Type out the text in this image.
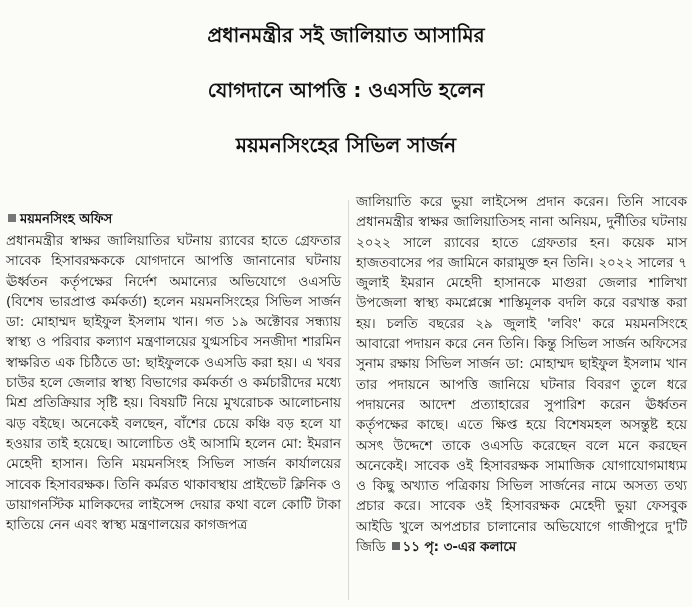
প্রধানমন্ত্রীর সই জালিয়াত আসামির
যোগদানে আপত্তি : ওএসডি হলেন
ময়মনসিংহের সিভিল সার্জন
ময়মনসিংহ অফিস

প্রধানমন্ত্রীর স্বাক্ষর জালিয়াতির ঘটনায় র‌্যাবের হাতে গ্রেফতার সাবেক হিসাবরক্ষককে যোগদানে আপত্তি জানানোর ঘটনায় ঊর্ধ্বতন কর্তৃপক্ষের নির্দেশ অমান্যের অভিযোগে ওএসডি (বিশেষ ভারপ্রাপ্ত কর্মকর্তা) হলেন ময়মনসিংহের সিভিল সার্জন ডা: মোহাম্মদ ছাইফুল ইসলাম খান। গত ১৯ অক্টোবর সন্ধ্যায় স্বাস্থ্য ও পরিবার কল্যাণ মন্ত্রণালয়ের যুগ্মসচিব সনজীদা শারমিন স্বাক্ষরিত এক চিঠিতে ডা: ছাইফুলকে ওএসডি করা হয়। এ খবর চাউর হলে জেলার স্বাস্থ্য বিভাগের কর্মকর্তা ও কর্মচারীদের মধ্যে মিশ্র প্রতিক্রিয়ার সৃষ্টি হয়। বিষয়টি নিয়ে মুখরোচক আলোচনায় ঝড় বইছে। অনেকেই বলছেন, বাঁশের চেয়ে কঞ্চি বড় হলে যা হওয়ার তাই হয়েছে। আলোচিত ওই আসামি হলেন মো: ইমরান মেহেদী হাসান। তিনি ময়মনসিংহ সিভিল সার্জন কার্যালয়ের সাবেক হিসাবরক্ষক। তিনি কর্মরত থাকাবস্থায় প্রাইভেট ক্লিনিক ও ডায়াগনস্টিক মালিকদের লাইসেন্স দেয়ার কথা বলে কোটি টাকা হাতিয়ে নেন এবং স্বাস্থ্য মন্ত্রণালয়ের কাগজপত্র

জালিয়াতি করে ভুয়া লাইসেন্স প্রদান করেন। তিনি সাবেক প্রধানমন্ত্রীর স্বাক্ষর জালিয়াতিসহ নানা অনিয়ম, দুর্নীতির ঘটনায় ২০২২ সালে র‌্যাবের হাতে গ্রেফতার হন। কয়েক মাস হাজতবাসের পর জামিনে কারামুক্ত হন তিনি। ২০২২ সালের ৭ জুলাই ইমরান মেহেদী হাসানকে মাগুরা জেলার শালিখা উপজেলা স্বাস্থ্য কমপ্লেক্সে শাস্তিমূলক বদলি করে বরখাস্ত করা হয়। চলতি বছরের ২৯ জুলাই 'লবিং' করে ময়মনসিংহে আবারো পদায়ন করে নেন তিনি। কিন্তু সিভিল সার্জন অফিসের সুনাম রক্ষায় সিভিল সার্জন ডা: মোহাম্মদ ছাইফুল ইসলাম খান তার পদায়নে আপত্তি জানিয়ে ঘটনার বিবরণ তুলে ধরে পদায়নের আদেশ প্রত্যাহারের সুপারিশ করেন ঊর্ধ্বতন কর্তৃপক্ষের কাছে। এতে ক্ষিপ্ত হয়ে বিশেষমহল অসন্তুষ্ট হয়ে অসৎ উদ্দেশে তাকে ওএসডি করেছেন বলে মনে করছেন অনেকেই। সাবেক ওই হিসাবরক্ষক সামাজিক যোগাযোগমাধ্যম ও কিছু অখ্যাত পত্রিকায় সিভিল সার্জনের নামে অসত্য তথ্য প্রচার করে। সাবেক ওই হিসাবরক্ষক মেহেদী ভুয়া ফেসবুক আইডি খুলে অপপ্রচার চালানোর অভিযোগে গাজীপুরে দু'টি জিডি ১১ পৃ: ৩-এর কলামে
